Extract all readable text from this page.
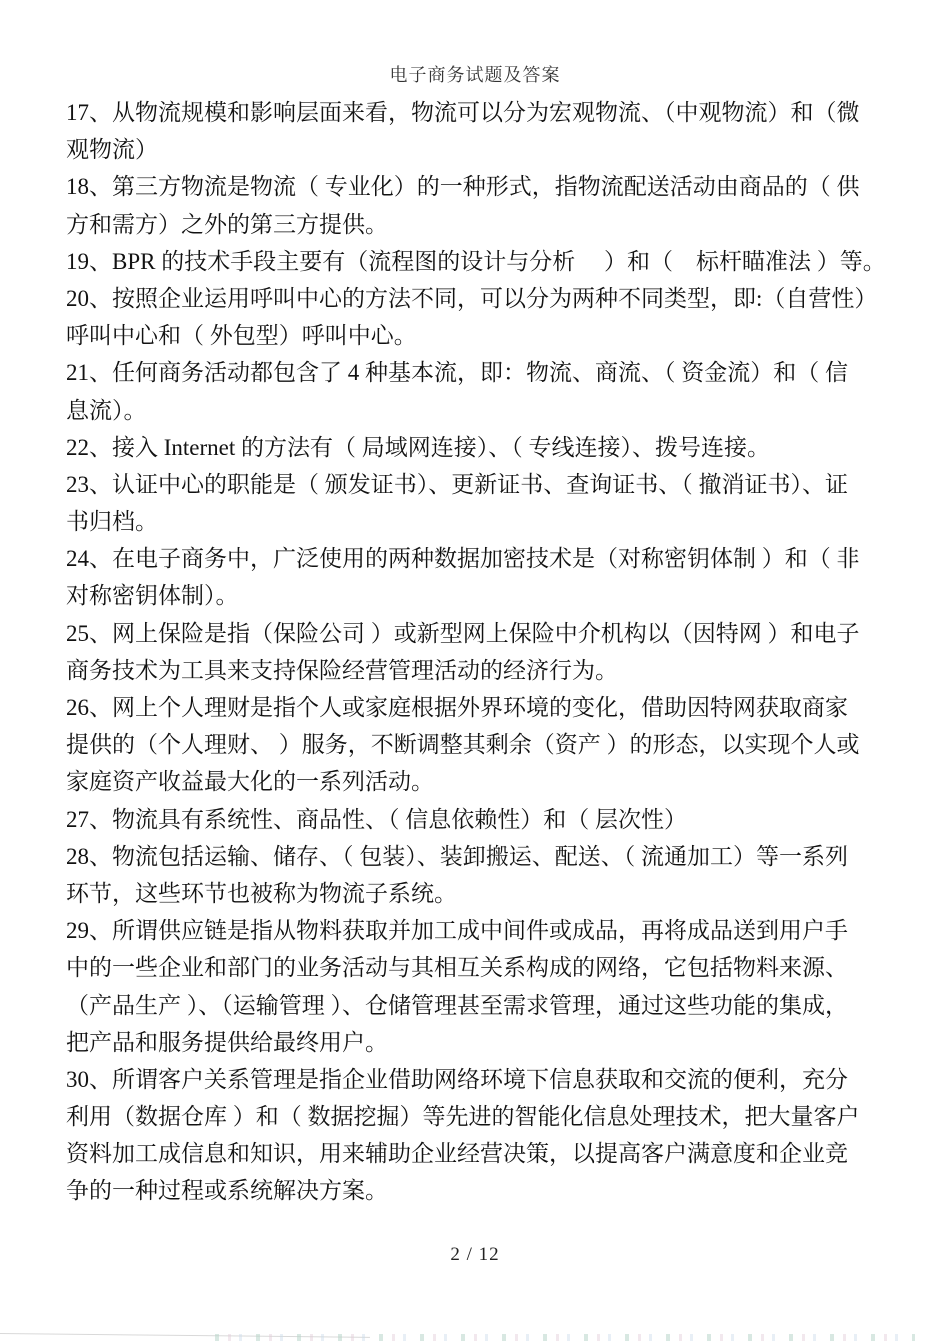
电子商务试题及答案
17、从物流规模和影响层面来看，物流可以分为宏观物流、（中观物流）和（微
观物流）
18、第三方物流是物流（ 专业化）的一种形式，指物流配送活动由商品的（ 供
方和需方）之外的第三方提供。
19、BPR 的技术手段主要有（流程图的设计与分析　 ）和（　标杆瞄准法 ）等。
20、按照企业运用呼叫中心的方法不同，可以分为两种不同类型，即:（自营性）
呼叫中心和（ 外包型）呼叫中心。
21、任何商务活动都包含了 4 种基本流，即：物流、商流、（ 资金流）和（ 信
息流）。
22、接入 Internet 的方法有（ 局域网连接）、（ 专线连接）、拨号连接。
23、认证中心的职能是（ 颁发证书）、更新证书、查询证书、（ 撤消证书）、证
书归档。
24、在电子商务中，广泛使用的两种数据加密技术是（对称密钥体制 ）和（ 非
对称密钥体制）。
25、网上保险是指（保险公司 ）或新型网上保险中介机构以（因特网 ）和电子
商务技术为工具来支持保险经营管理活动的经济行为。
26、网上个人理财是指个人或家庭根据外界环境的变化，借助因特网获取商家
提供的（个人理财、 ）服务，不断调整其剩余（资产 ）的形态，以实现个人或
家庭资产收益最大化的一系列活动。
27、物流具有系统性、商品性、（ 信息依赖性）和（ 层次性）
28、物流包括运输、储存、（ 包装）、装卸搬运、配送、（ 流通加工）等一系列
环节，这些环节也被称为物流子系统。
29、所谓供应链是指从物料获取并加工成中间件或成品，再将成品送到用户手
中的一些企业和部门的业务活动与其相互关系构成的网络，它包括物料来源、
（产品生产 ）、（运输管理 ）、仓储管理甚至需求管理，通过这些功能的集成，
把产品和服务提供给最终用户。
30、所谓客户关系管理是指企业借助网络环境下信息获取和交流的便利，充分
利用（数据仓库 ）和（ 数据挖掘）等先进的智能化信息处理技术，把大量客户
资料加工成信息和知识，用来辅助企业经营决策，以提高客户满意度和企业竞
争的一种过程或系统解决方案。
2 / 12
